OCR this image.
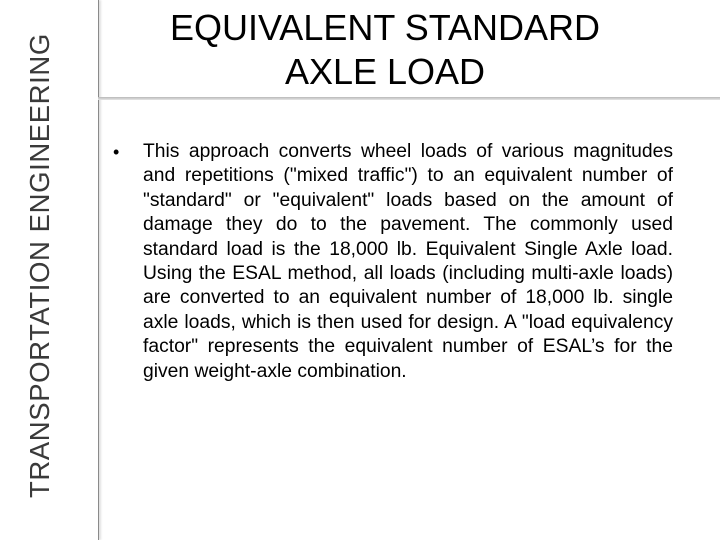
TRANSPORTATION ENGINEERING
EQUIVALENT STANDARD
AXLE LOAD
• This approach converts wheel loads of various magnitudes and repetitions ("mixed traffic") to an equivalent number of "standard" or "equivalent" loads based on the amount of damage they do to the pavement. The commonly used standard load is the 18,000 lb. Equivalent Single Axle load. Using the ESAL method, all loads (including multi-axle loads) are converted to an equivalent number of 18,000 lb. single axle loads, which is then used for design. A "load equivalency factor" represents the equivalent number of ESAL’s for the given weight-axle combination.
